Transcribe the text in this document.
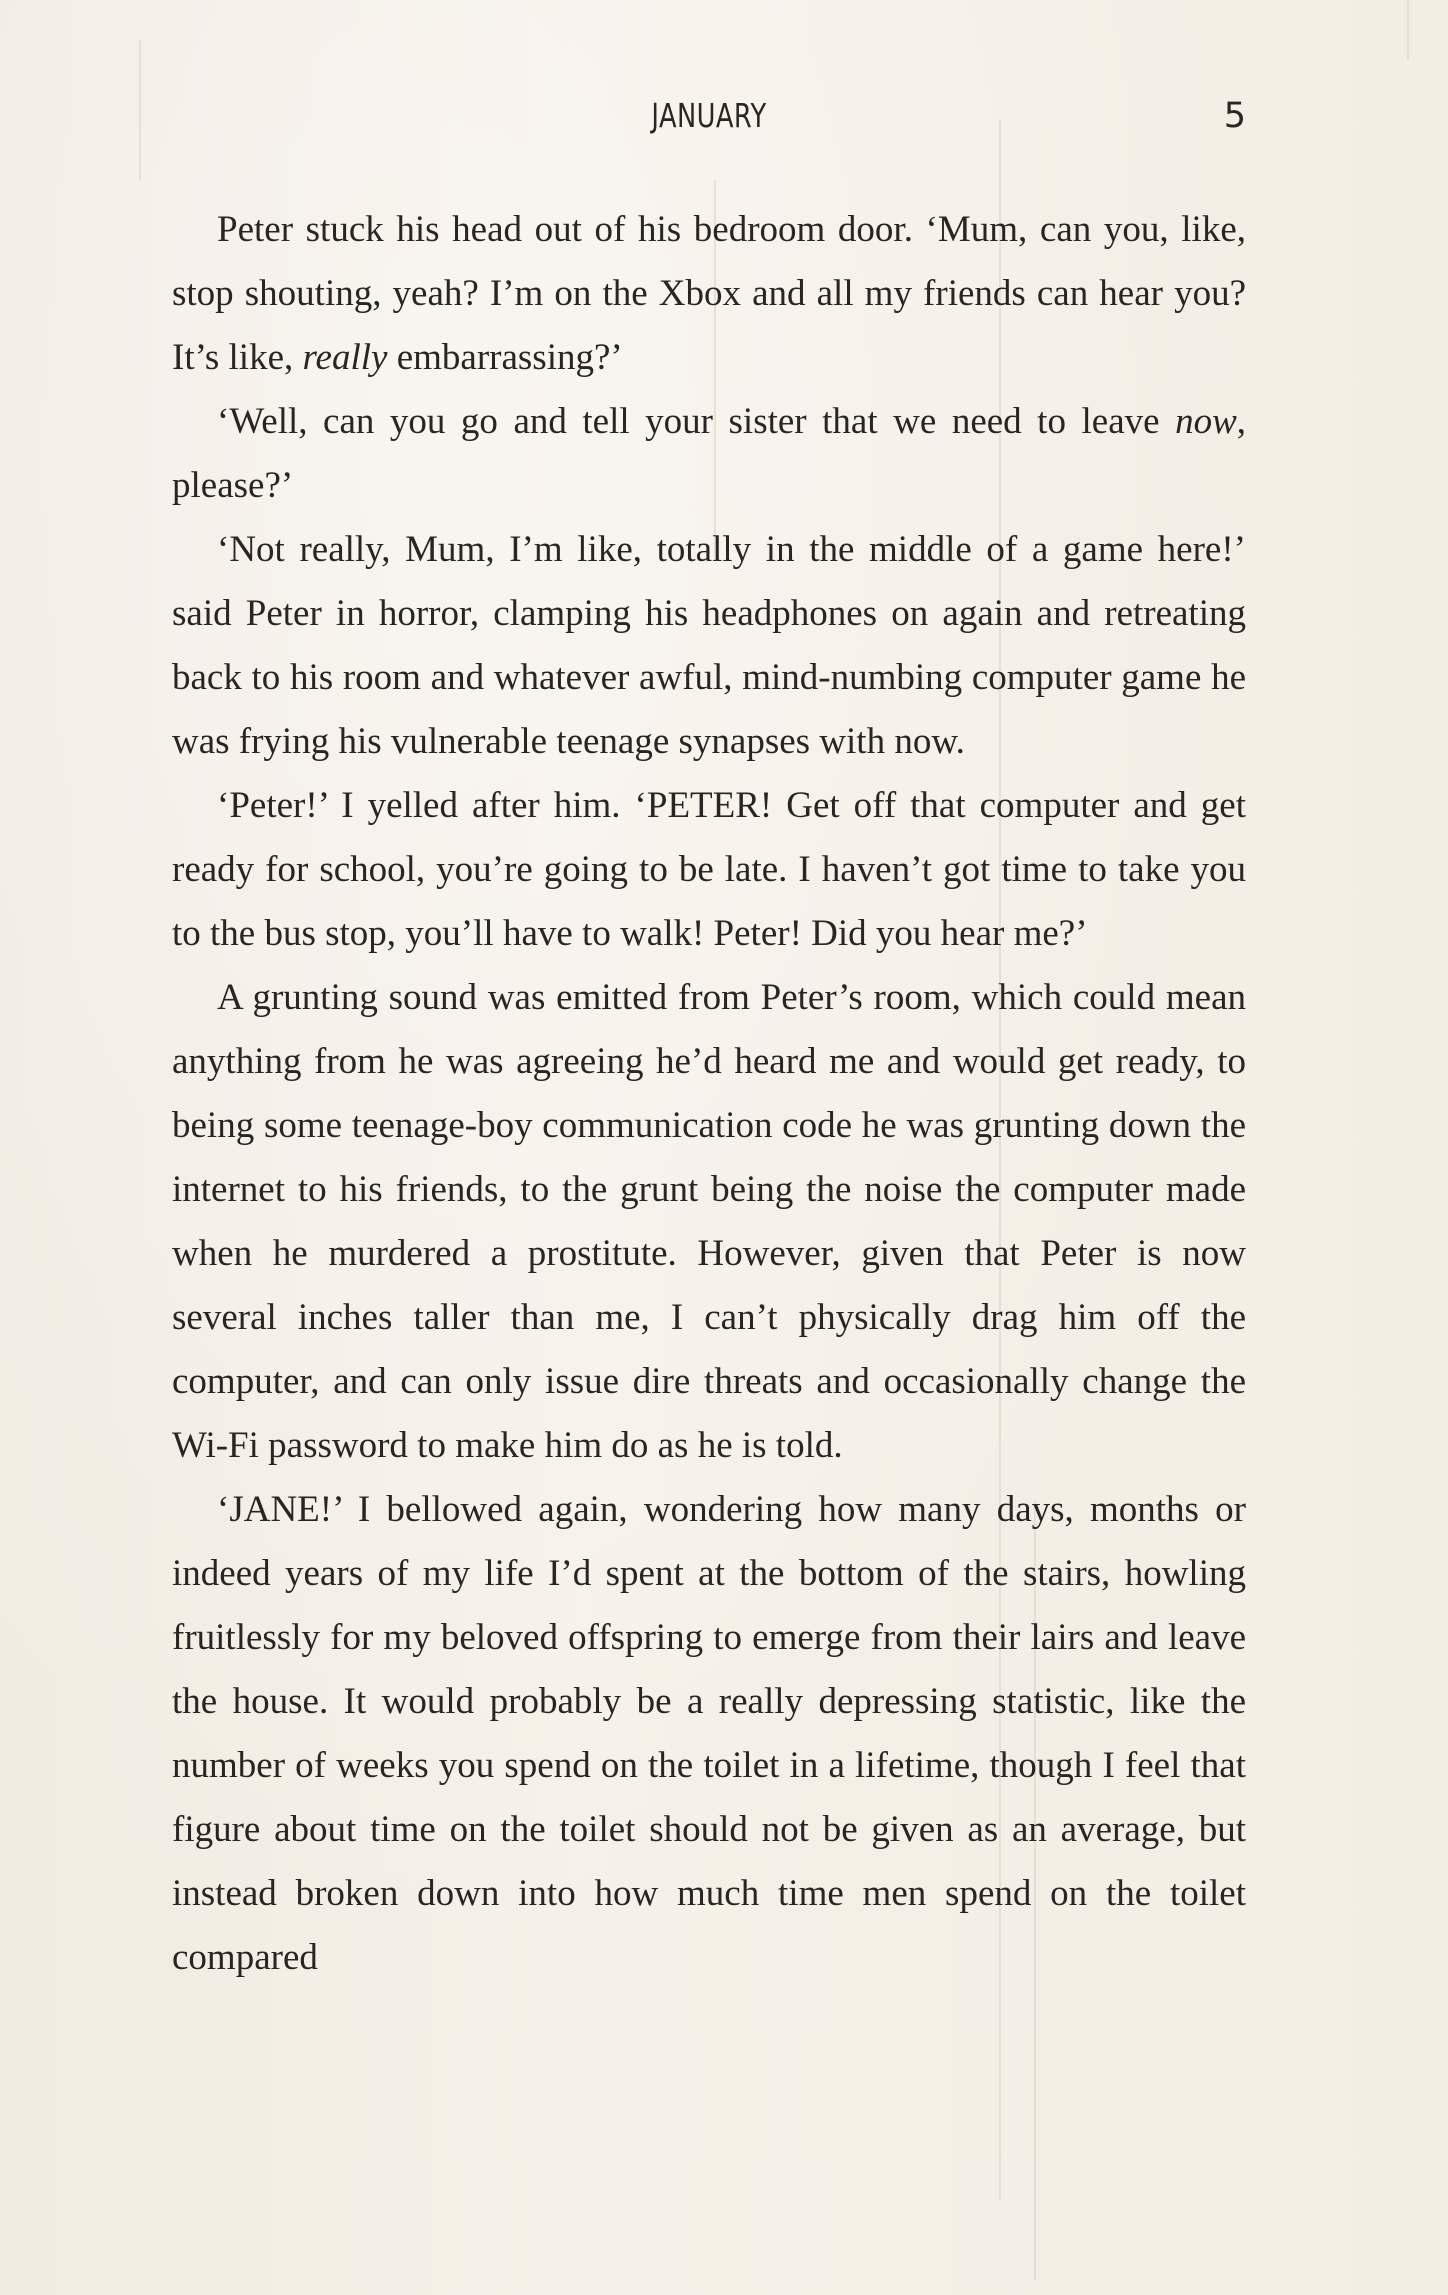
JANUARY	5

Peter stuck his head out of his bedroom door. ‘Mum, can you, like, stop shouting, yeah? I’m on the Xbox and all my friends can hear you? It’s like, really embarrassing?’

‘Well, can you go and tell your sister that we need to leave now, please?’

‘Not really, Mum, I’m like, totally in the middle of a game here!’ said Peter in horror, clamping his headphones on again and retreating back to his room and whatever awful, mind-numbing computer game he was frying his vulnerable teenage synapses with now.

‘Peter!’ I yelled after him. ‘PETER! Get off that computer and get ready for school, you’re going to be late. I haven’t got time to take you to the bus stop, you’ll have to walk! Peter! Did you hear me?’

A grunting sound was emitted from Peter’s room, which could mean anything from he was agreeing he’d heard me and would get ready, to being some teenage-boy communication code he was grunting down the internet to his friends, to the grunt being the noise the computer made when he murdered a prostitute. However, given that Peter is now several inches taller than me, I can’t physically drag him off the computer, and can only issue dire threats and occasionally change the Wi-Fi password to make him do as he is told.

‘JANE!’ I bellowed again, wondering how many days, months or indeed years of my life I’d spent at the bottom of the stairs, howling fruitlessly for my beloved offspring to emerge from their lairs and leave the house. It would probably be a really depressing statistic, like the number of weeks you spend on the toilet in a lifetime, though I feel that figure about time on the toilet should not be given as an average, but instead broken down into how much time men spend on the toilet compared
